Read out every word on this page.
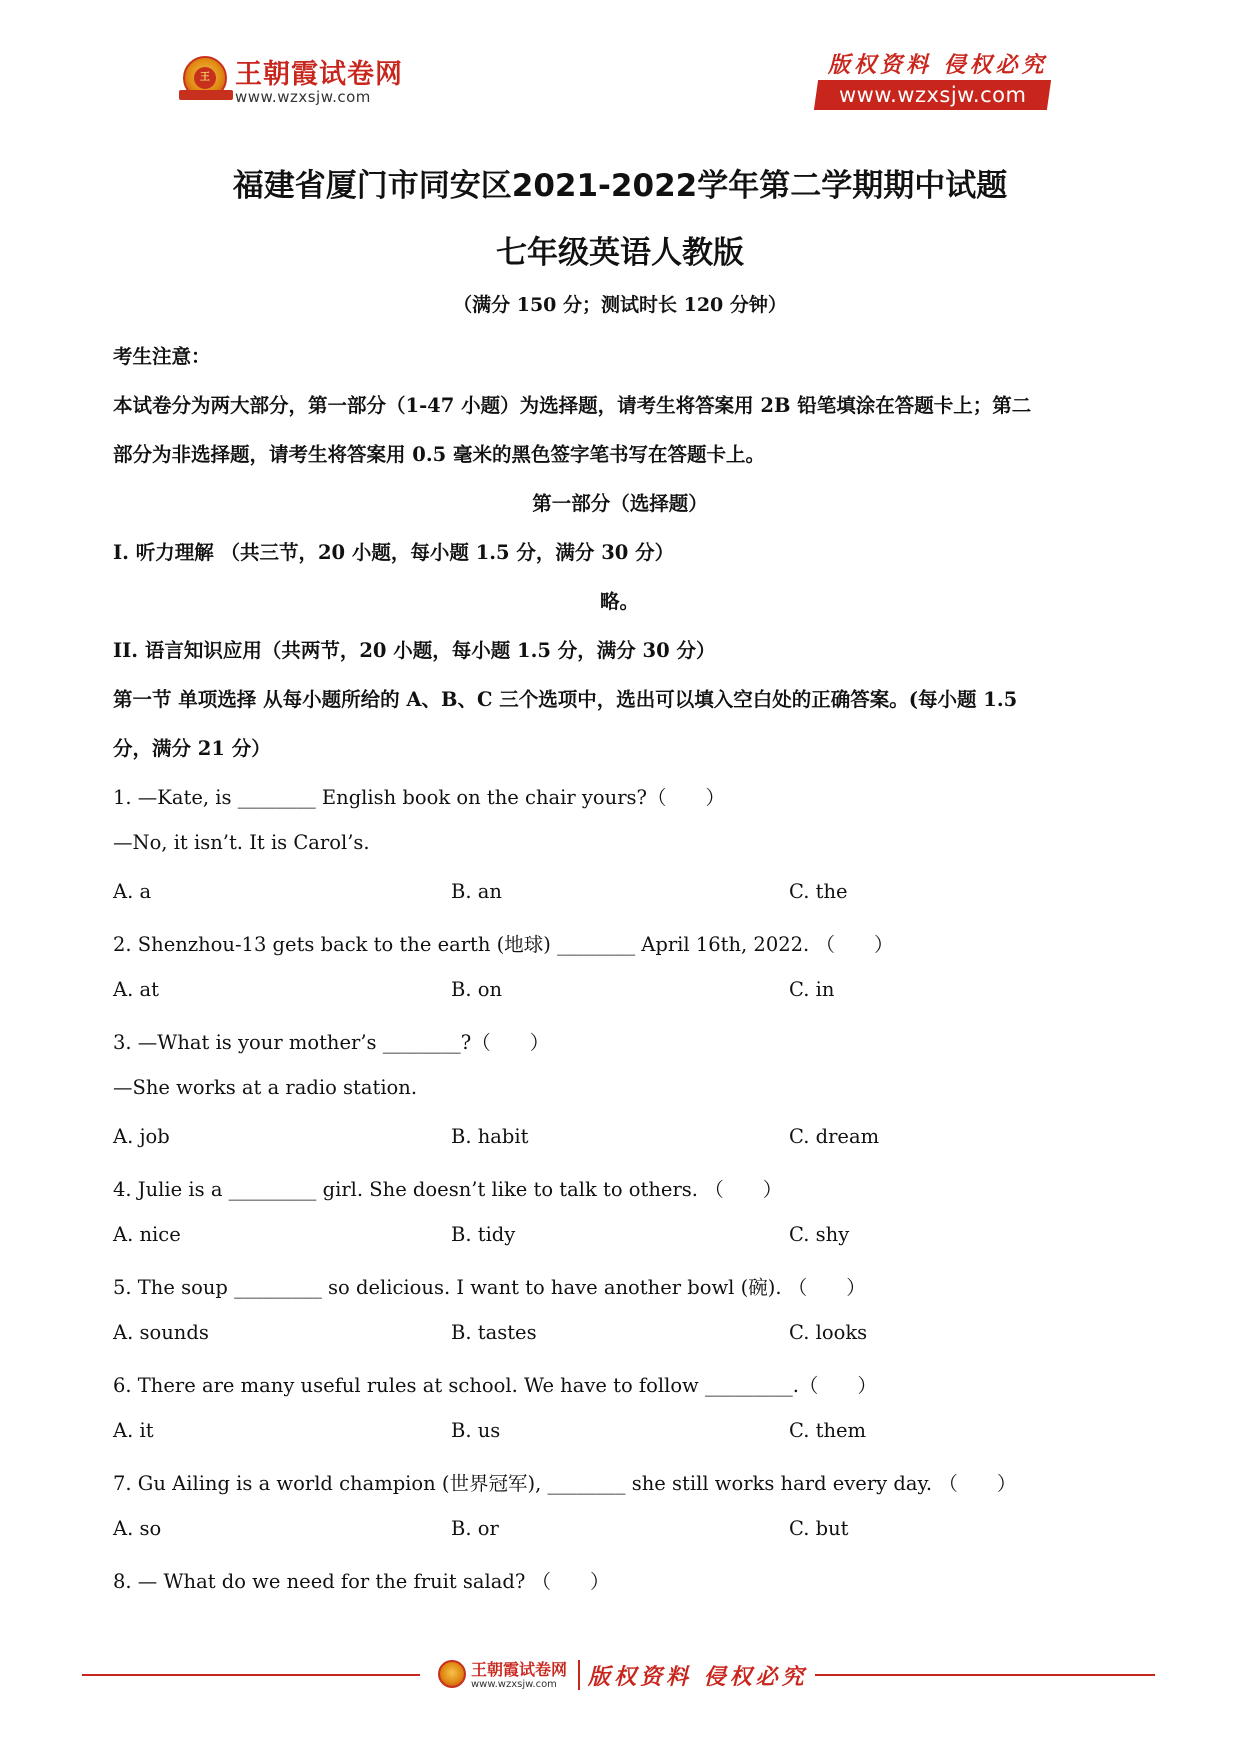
王 王朝霞试卷网
www.wzxsjw.com
版权资料 侵权必究
www.wzxsjw.com
福建省厦门市同安区2021-2022学年第二学期期中试题
七年级英语人教版
（满分 150 分；测试时长 120 分钟）
考生注意：
本试卷分为两大部分，第一部分（1-47 小题）为选择题，请考生将答案用 2B 铅笔填涂在答题卡上；第二
部分为非选择题，请考生将答案用 0.5 毫米的黑色签字笔书写在答题卡上。
第一部分（选择题）
I. 听力理解 （共三节，20 小题，每小题 1.5 分，满分 30 分）
略。
II. 语言知识应用（共两节，20 小题，每小题 1.5 分，满分 30 分）
第一节 单项选择 从每小题所给的 A、B、C 三个选项中，选出可以填入空白处的正确答案。(每小题 1.5
分，满分 21 分）
1. —Kate, is ________ English book on the chair yours?（　　）
—No, it isn’t. It is Carol’s.
A. a	B. an	C. the
2. Shenzhou-13 gets back to the earth (地球) ________ April 16th, 2022. （　　）
A. at	B. on	C. in
3. —What is your mother’s ________?（　　）
—She works at a radio station.
A. job	B. habit	C. dream
4. Julie is a _________ girl. She doesn’t like to talk to others. （　　）
A. nice	B. tidy	C. shy
5. The soup _________ so delicious. I want to have another bowl (碗). （　　）
A. sounds	B. tastes	C. looks
6. There are many useful rules at school. We have to follow _________.（　　）
A. it	B. us	C. them
7. Gu Ailing is a world champion (世界冠军), ________ she still works hard every day. （　　）
A. so	B. or	C. but
8. — What do we need for the fruit salad? （　　）
王朝霞试卷网
www.wzxsjw.com 版权资料 侵权必究
